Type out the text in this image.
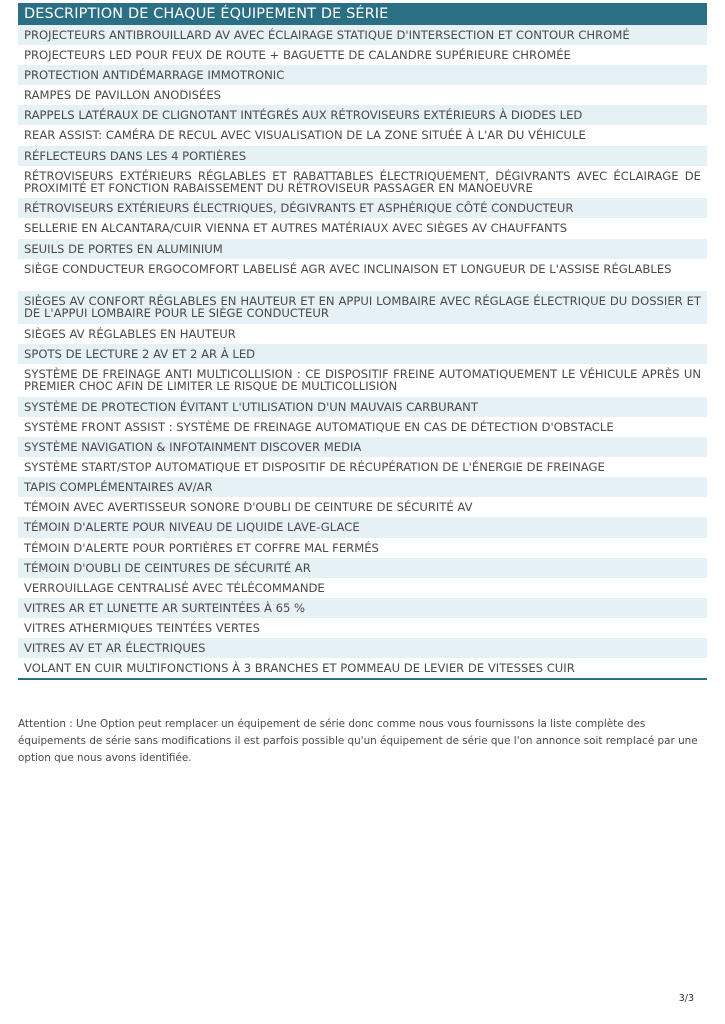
DESCRIPTION DE CHAQUE ÉQUIPEMENT DE SÉRIE
PROJECTEURS ANTIBROUILLARD AV AVEC ÉCLAIRAGE STATIQUE D'INTERSECTION ET CONTOUR CHROMÉ
PROJECTEURS LED POUR FEUX DE ROUTE + BAGUETTE DE CALANDRE SUPÉRIEURE CHROMÉE
PROTECTION ANTIDÉMARRAGE IMMOTRONIC
RAMPES DE PAVILLON ANODISÉES
RAPPELS LATÉRAUX DE CLIGNOTANT INTÉGRÉS AUX RÉTROVISEURS EXTÉRIEURS À DIODES LED
REAR ASSIST: CAMÉRA DE RECUL AVEC VISUALISATION DE LA ZONE SITUÉE À L'AR DU VÉHICULE
RÉFLECTEURS DANS LES 4 PORTIÈRES
RÉTROVISEURS EXTÉRIEURS RÉGLABLES ET RABATTABLES ÉLECTRIQUEMENT, DÉGIVRANTS AVEC ÉCLAIRAGE DE PROXIMITÉ ET FONCTION RABAISSEMENT DU RÉTROVISEUR PASSAGER EN MANOEUVRE
RÉTROVISEURS EXTÉRIEURS ÉLECTRIQUES, DÉGIVRANTS ET ASPHÉRIQUE CÔTÉ CONDUCTEUR
SELLERIE EN ALCANTARA/CUIR VIENNA ET AUTRES MATÉRIAUX AVEC SIÈGES AV CHAUFFANTS
SEUILS DE PORTES EN ALUMINIUM
SIÈGE CONDUCTEUR ERGOCOMFORT LABELISÉ AGR AVEC INCLINAISON ET LONGUEUR DE L'ASSISE RÉGLABLES
SIÈGES AV CONFORT RÉGLABLES EN HAUTEUR ET EN APPUI LOMBAIRE AVEC RÉGLAGE ÉLECTRIQUE DU DOSSIER ET DE L'APPUI LOMBAIRE POUR LE SIÈGE CONDUCTEUR
SIÈGES AV RÉGLABLES EN HAUTEUR
SPOTS DE LECTURE 2 AV ET 2 AR À LED
SYSTÈME DE FREINAGE ANTI MULTICOLLISION : CE DISPOSITIF FREINE AUTOMATIQUEMENT LE VÉHICULE APRÈS UN PREMIER CHOC AFIN DE LIMITER LE RISQUE DE MULTICOLLISION
SYSTÈME DE PROTECTION ÉVITANT L'UTILISATION D'UN MAUVAIS CARBURANT
SYSTÈME FRONT ASSIST : SYSTÈME DE FREINAGE AUTOMATIQUE EN CAS DE DÉTECTION D'OBSTACLE
SYSTÈME NAVIGATION & INFOTAINMENT DISCOVER MEDIA
SYSTÈME START/STOP AUTOMATIQUE ET DISPOSITIF DE RÉCUPÉRATION DE L'ÉNERGIE DE FREINAGE
TAPIS COMPLÉMENTAIRES AV/AR
TÉMOIN AVEC AVERTISSEUR SONORE D'OUBLI DE CEINTURE DE SÉCURITÉ AV
TÉMOIN D'ALERTE POUR NIVEAU DE LIQUIDE LAVE-GLACE
TÉMOIN D'ALERTE POUR PORTIÈRES ET COFFRE MAL FERMÉS
TÉMOIN D'OUBLI DE CEINTURES DE SÉCURITÉ AR
VERROUILLAGE CENTRALISÉ AVEC TÉLÉCOMMANDE
VITRES AR ET LUNETTE AR SURTEINTÉES À 65 %
VITRES ATHERMIQUES TEINTÉES VERTES
VITRES AV ET AR ÉLECTRIQUES
VOLANT EN CUIR MULTIFONCTIONS À 3 BRANCHES ET POMMEAU DE LEVIER DE VITESSES CUIR

Attention : Une Option peut remplacer un équipement de série donc comme nous vous fournissons la liste complète des équipements de série sans modifications il est parfois possible qu'un équipement de série que l'on annonce soit remplacé par une option que nous avons identifiée.

3/3
